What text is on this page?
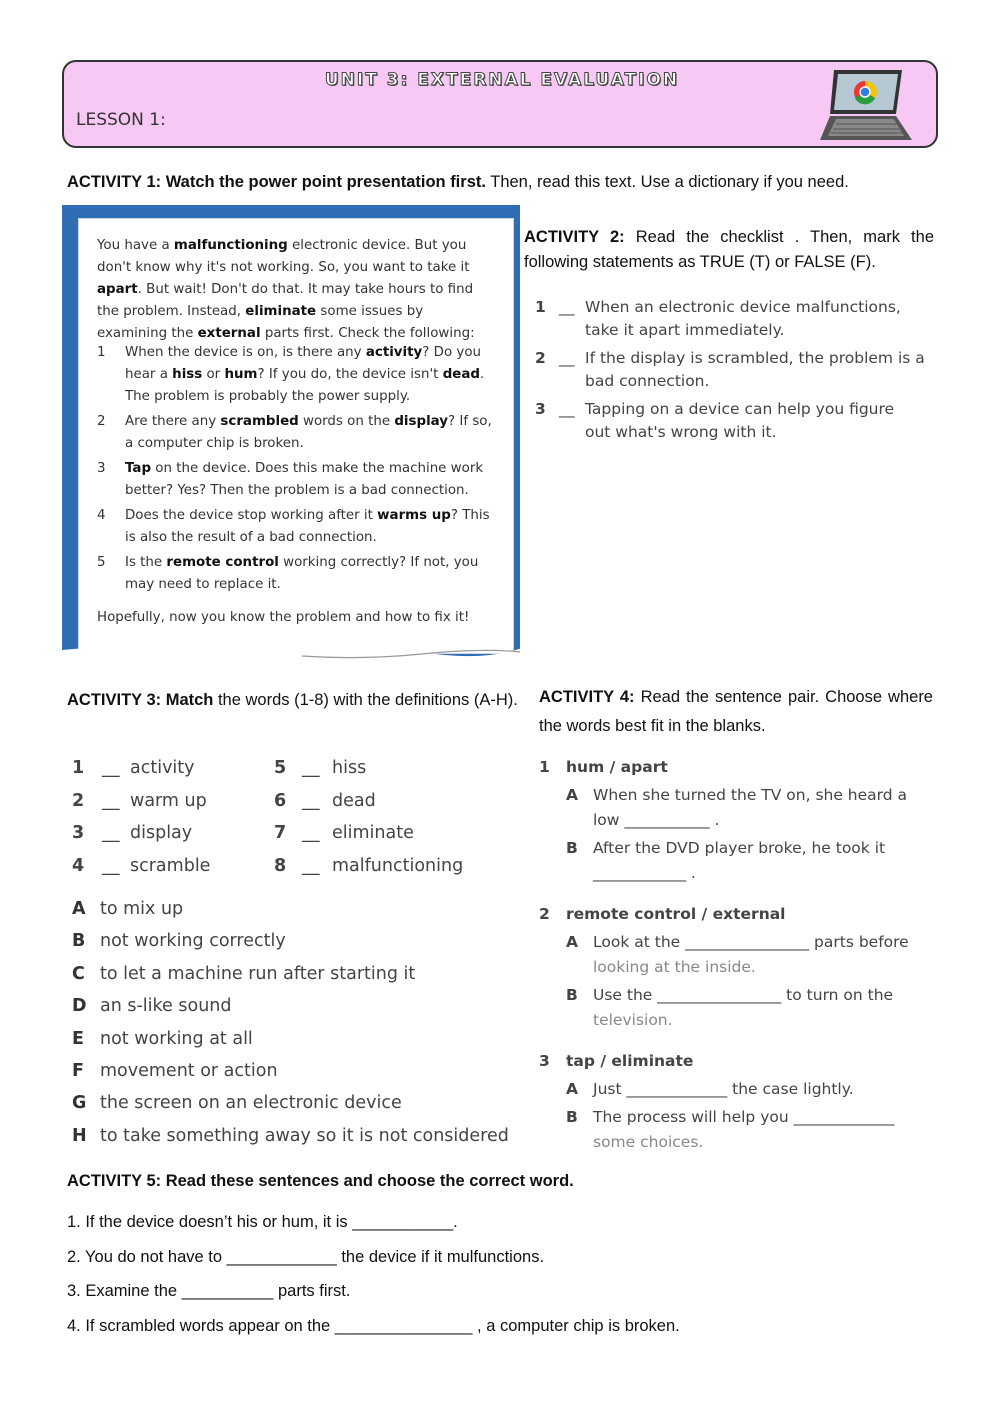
UNIT 3: EXTERNAL EVALUATION
LESSON 1:
ACTIVITY 1: Watch the power point presentation first. Then, read this text. Use a dictionary if you need.
You have a malfunctioning electronic device. But you don't know why it's not working. So, you want to take it apart. But wait! Don't do that. It may take hours to find the problem. Instead, eliminate some issues by examining the external parts first. Check the following:
1	When the device is on, is there any activity? Do you hear a hiss or hum? If you do, the device isn't dead. The problem is probably the power supply.
2	Are there any scrambled words on the display? If so, a computer chip is broken.
3	Tap on the device. Does this make the machine work better? Yes? Then the problem is a bad connection.
4	Does the device stop working after it warms up? This is also the result of a bad connection.
5	Is the remote control working correctly? If not, you may need to replace it.
Hopefully, now you know the problem and how to fix it!
ACTIVITY 2: Read the checklist . Then, mark the following statements as TRUE (T) or FALSE (F).
1 __ When an electronic device malfunctions, take it apart immediately.
2 __ If the display is scrambled, the problem is a bad connection.
3 __ Tapping on a device can help you figure out what's wrong with it.
ACTIVITY 3: Match the words (1-8) with the definitions (A-H).
1 __ activity
2 __ warm up
3 __ display
4 __ scramble
5 __ hiss
6 __ dead
7 __ eliminate
8 __ malfunctioning
A to mix up
B not working correctly
C to let a machine run after starting it
D an s-like sound
E not working at all
F movement or action
G the screen on an electronic device
H to take something away so it is not considered
ACTIVITY 4: Read the sentence pair. Choose where the words best fit in the blanks.
1 hum / apart
A When she turned the TV on, she heard a
low ___________ .
B After the DVD player broke, he took it
____________ .
2 remote control / external
A Look at the ________________ parts before
looking at the inside.
B Use the ________________ to turn on the
television.
3 tap / eliminate
A Just _____________ the case lightly.
B The process will help you _____________
some choices.
ACTIVITY 5: Read these sentences and choose the correct word.
1. If the device doesn’t his or hum, it is ___________.
2. You do not have to ____________ the device if it mulfunctions.
3. Examine the __________ parts first.
4. If scrambled words appear on the _______________ , a computer chip is broken.
